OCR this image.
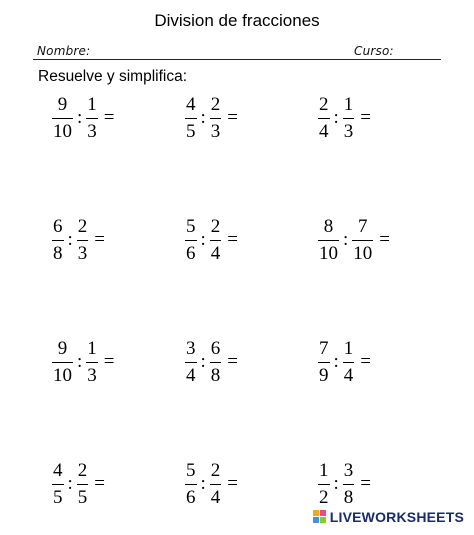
Division de fracciones
Nombre:	Curso:
Resuelve y simplifica:
$\frac{9}{10}$ : $\frac{1}{3}$ =	$\frac{4}{5}$ : $\frac{2}{3}$ =	$\frac{2}{4}$ : $\frac{1}{3}$ =
$\frac{6}{8}$ : $\frac{2}{3}$ =	$\frac{5}{6}$ : $\frac{2}{4}$ =	$\frac{8}{10}$ : $\frac{7}{10}$ =
$\frac{9}{10}$ : $\frac{1}{3}$ =	$\frac{3}{4}$ : $\frac{6}{8}$ =	$\frac{7}{9}$ : $\frac{1}{4}$ =
$\frac{4}{5}$ : $\frac{2}{5}$ =	$\frac{5}{6}$ : $\frac{2}{4}$ =	$\frac{1}{2}$ : $\frac{3}{8}$ =
LIVEWORKSHEETS
